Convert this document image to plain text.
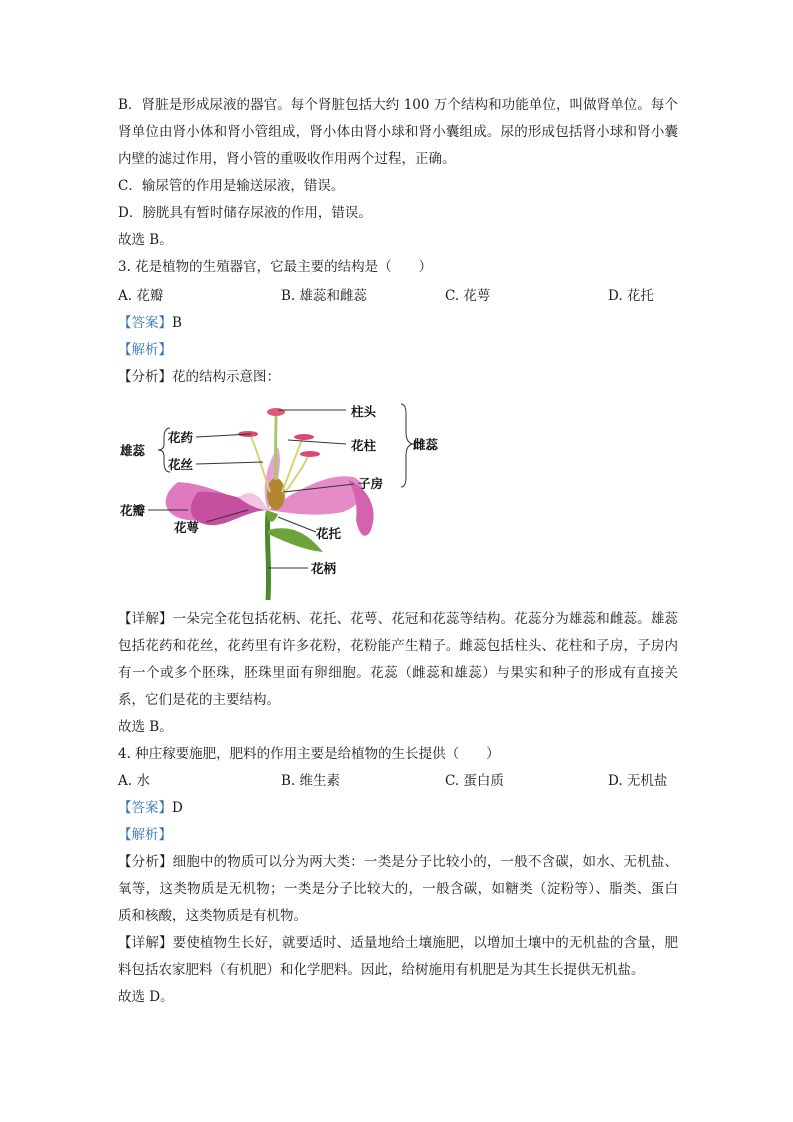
B．肾脏是形成尿液的器官。每个肾脏包括大约 100 万个结构和功能单位，叫做肾单位。每个肾单位由肾小体和肾小管组成，肾小体由肾小球和肾小囊组成。尿的形成包括肾小球和肾小囊内壁的滤过作用，肾小管的重吸收作用两个过程，正确。

C．输尿管的作用是输送尿液，错误。

D．膀胱具有暂时储存尿液的作用，错误。

故选 B。

3. 花是植物的生殖器官，它最主要的结构是（　　）

A. 花瓣	B. 雄蕊和雌蕊	C. 花萼	D. 花托

【答案】B

【解析】

【分析】花的结构示意图：

柱头
花柱
子房
雌蕊
雄蕊
花药
花丝
花瓣
花萼	花托
花柄

【详解】一朵完全花包括花柄、花托、花萼、花冠和花蕊等结构。花蕊分为雄蕊和雌蕊。雄蕊包括花药和花丝，花药里有许多花粉，花粉能产生精子。雌蕊包括柱头、花柱和子房，子房内有一个或多个胚珠，胚珠里面有卵细胞。花蕊（雌蕊和雄蕊）与果实和种子的形成有直接关系，它们是花的主要结构。

故选 B。

4. 种庄稼要施肥，肥料的作用主要是给植物的生长提供（　　）

A. 水	B. 维生素	C. 蛋白质	D. 无机盐

【答案】D

【解析】

【分析】细胞中的物质可以分为两大类：一类是分子比较小的，一般不含碳，如水、无机盐、氧等，这类物质是无机物；一类是分子比较大的，一般含碳，如糖类（淀粉等）、脂类、蛋白质和核酸，这类物质是有机物。

【详解】要使植物生长好，就要适时、适量地给土壤施肥，以增加土壤中的无机盐的含量，肥料包括农家肥料（有机肥）和化学肥料。因此，给树施用有机肥是为其生长提供无机盐。

故选 D。
